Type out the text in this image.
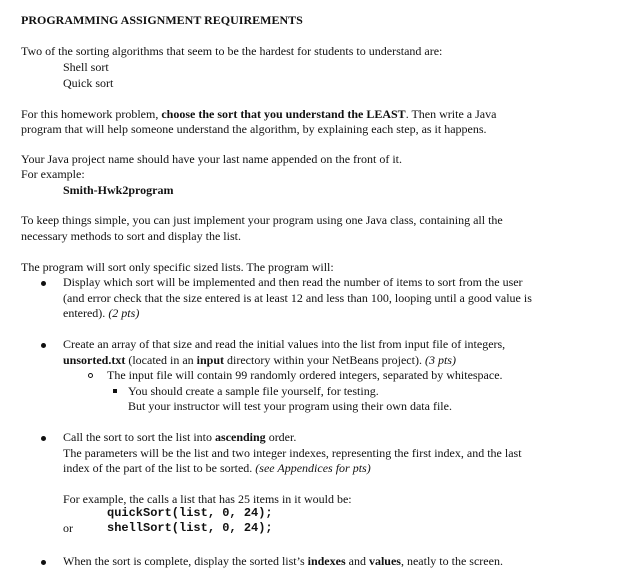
PROGRAMMING ASSIGNMENT REQUIREMENTS
Two of the sorting algorithms that seem to be the hardest for students to understand are:
Shell sort
Quick sort
For this homework problem, choose the sort that you understand the LEAST. Then write a Java
program that will help someone understand the algorithm, by explaining each step, as it happens.
Your Java project name should have your last name appended on the front of it.
For example:
Smith-Hwk2program
To keep things simple, you can just implement your program using one Java class, containing all the
necessary methods to sort and display the list.
The program will sort only specific sized lists. The program will:
Display which sort will be implemented and then read the number of items to sort from the user
(and error check that the size entered is at least 12 and less than 100, looping until a good value is
entered). (2 pts)
Create an array of that size and read the initial values into the list from input file of integers,
unsorted.txt (located in an input directory within your NetBeans project). (3 pts)
The input file will contain 99 randomly ordered integers, separated by whitespace.
You should create a sample file yourself, for testing.
But your instructor will test your program using their own data file.
Call the sort to sort the list into ascending order.
The parameters will be the list and two integer indexes, representing the first index, and the last
index of the part of the list to be sorted. (see Appendices for pts)
For example, the calls a list that has 25 items in it would be:
quickSort(list, 0, 24);
or	shellSort(list, 0, 24);
When the sort is complete, display the sorted list’s indexes and values, neatly to the screen.
